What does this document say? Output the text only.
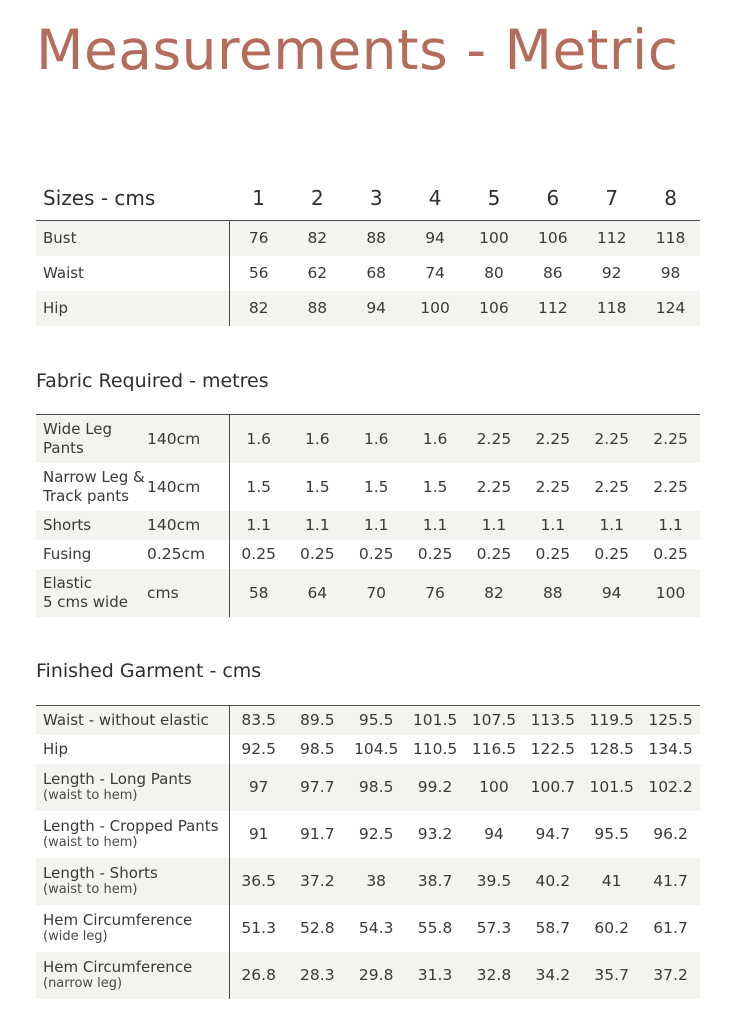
Measurements - Metric
Sizes - cms	1	2	3	4	5	6	7	8
Bust	76	82	88	94	100	106	112	118
Waist	56	62	68	74	80	86	92	98
Hip	82	88	94	100	106	112	118	124
Fabric Required - metres
Wide Leg
Pants	140cm	1.6	1.6	1.6	1.6	2.25	2.25	2.25	2.25

Narrow Leg &
Track pants	140cm	1.5	1.5	1.5	1.5	2.25	2.25	2.25	2.25

Shorts	140cm	1.1	1.1	1.1	1.1	1.1	1.1	1.1	1.1

Fusing	0.25cm	0.25	0.25	0.25	0.25	0.25	0.25	0.25	0.25

Elastic
5 cms wide	cms	58	64	70	76	82	88	94	100
Finished Garment - cms
Waist - without elastic	83.5	89.5	95.5	101.5	107.5	113.5	119.5	125.5

Hip	92.5	98.5	104.5	110.5	116.5	122.5	128.5	134.5

Length - Long Pants
(waist to hem)	97	97.7	98.5	99.2	100	100.7	101.5	102.2

Length - Cropped Pants
(waist to hem)	91	91.7	92.5	93.2	94	94.7	95.5	96.2

Length - Shorts
(waist to hem)	36.5	37.2	38	38.7	39.5	40.2	41	41.7

Hem Circumference
(wide leg)	51.3	52.8	54.3	55.8	57.3	58.7	60.2	61.7

Hem Circumference
(narrow leg)	26.8	28.3	29.8	31.3	32.8	34.2	35.7	37.2
